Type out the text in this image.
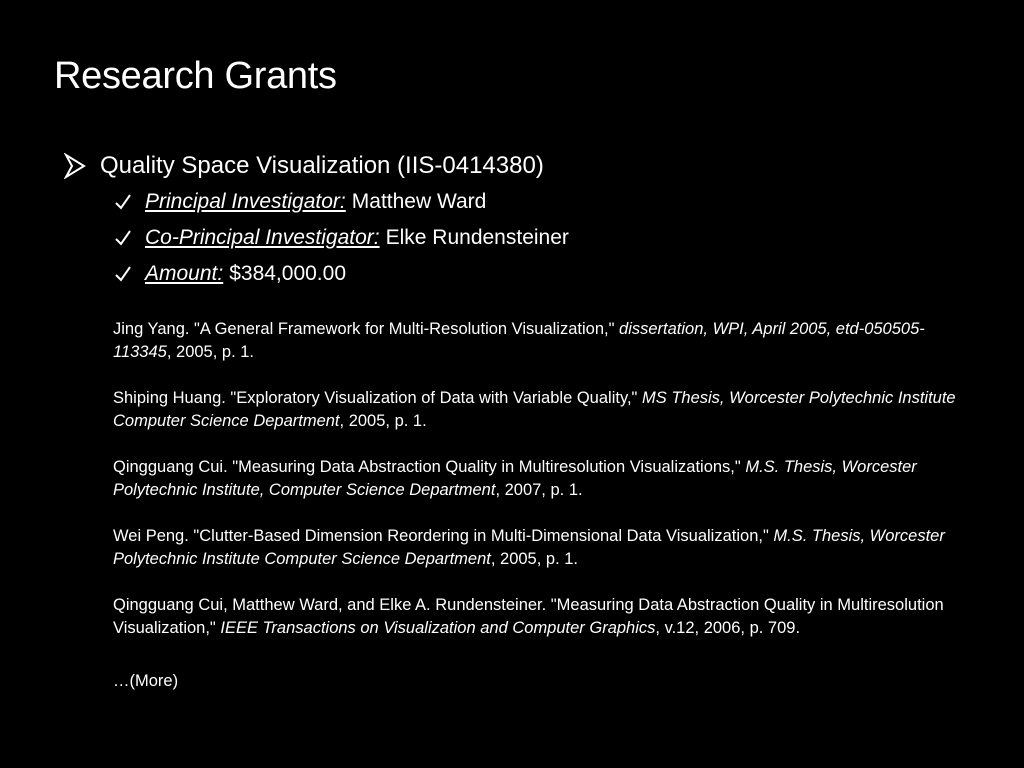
Research Grants
Quality Space Visualization (IIS-0414380)
Principal Investigator: Matthew Ward
Co-Principal Investigator: Elke Rundensteiner
Amount: $384,000.00

Jing Yang. "A General Framework for Multi-Resolution Visualization," dissertation, WPI, April 2005, etd-050505-113345, 2005, p. 1.

Shiping Huang. "Exploratory Visualization of Data with Variable Quality," MS Thesis, Worcester Polytechnic Institute Computer Science Department, 2005, p. 1.

Qingguang Cui. "Measuring Data Abstraction Quality in Multiresolution Visualizations," M.S. Thesis, Worcester Polytechnic Institute, Computer Science Department, 2007, p. 1.

Wei Peng. "Clutter-Based Dimension Reordering in Multi-Dimensional Data Visualization," M.S. Thesis, Worcester Polytechnic Institute Computer Science Department, 2005, p. 1.

Qingguang Cui, Matthew Ward, and Elke A. Rundensteiner. "Measuring Data Abstraction Quality in Multiresolution Visualization," IEEE Transactions on Visualization and Computer Graphics, v.12, 2006, p. 709.

…(More)
